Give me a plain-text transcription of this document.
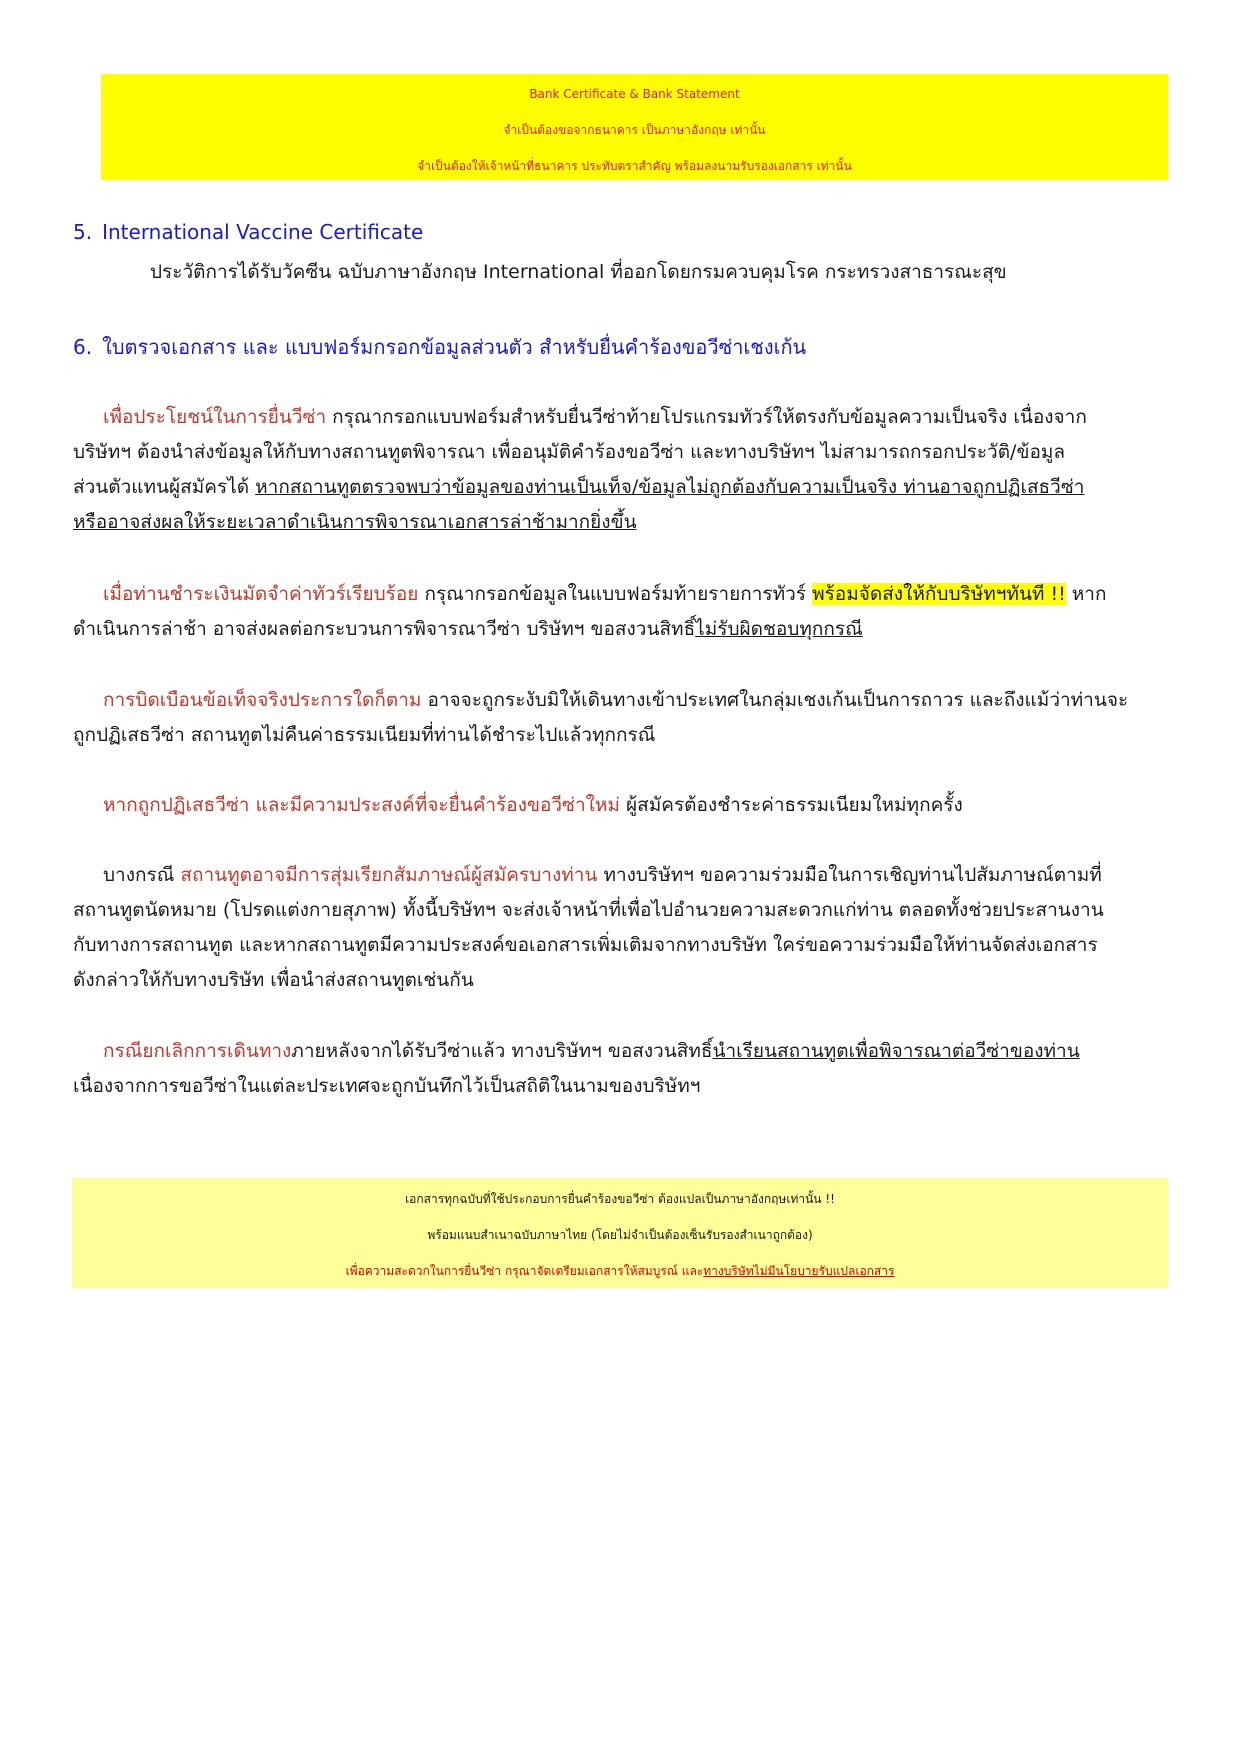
Bank Certificate & Bank Statement
จำเป็นต้องขอจากธนาคาร เป็นภาษาอังกฤษ เท่านั้น
จำเป็นต้องให้เจ้าหน้าที่ธนาคาร ประทับตราสำคัญ พร้อมลงนามรับรองเอกสาร เท่านั้น
5. International Vaccine Certificate
ประวัติการได้รับวัคซีน ฉบับภาษาอังกฤษ International ที่ออกโดยกรมควบคุมโรค กระทรวงสาธารณะสุข
6. ใบตรวจเอกสาร และ แบบฟอร์มกรอกข้อมูลส่วนตัว สำหรับยื่นคำร้องขอวีซ่าเชงเก้น
เพื่อประโยชน์ในการยื่นวีซ่า กรุณากรอกแบบฟอร์มสำหรับยื่นวีซ่าท้ายโปรแกรมทัวร์ให้ตรงกับข้อมูลความเป็นจริง เนื่องจาก
บริษัทฯ ต้องนำส่งข้อมูลให้กับทางสถานทูตพิจารณา เพื่ออนุมัติคำร้องขอวีซ่า และทางบริษัทฯ ไม่สามารถกรอกประวัติ/ข้อมูล
ส่วนตัวแทนผู้สมัครได้ หากสถานทูตตรวจพบว่าข้อมูลของท่านเป็นเท็จ/ข้อมูลไม่ถูกต้องกับความเป็นจริง ท่านอาจถูกปฏิเสธวีซ่า
หรืออาจส่งผลให้ระยะเวลาดำเนินการพิจารณาเอกสารล่าช้ามากยิ่งขึ้น
เมื่อท่านชำระเงินมัดจำค่าทัวร์เรียบร้อย กรุณากรอกข้อมูลในแบบฟอร์มท้ายรายการทัวร์ พร้อมจัดส่งให้กับบริษัทฯทันที !! หาก
ดำเนินการล่าช้า อาจส่งผลต่อกระบวนการพิจารณาวีซ่า บริษัทฯ ขอสงวนสิทธิ์ไม่รับผิดชอบทุกกรณี
การบิดเบือนข้อเท็จจริงประการใดก็ตาม อาจจะถูกระงับมิให้เดินทางเข้าประเทศในกลุ่มเชงเก้นเป็นการถาวร และถึงแม้ว่าท่านจะ
ถูกปฏิเสธวีซ่า สถานทูตไม่คืนค่าธรรมเนียมที่ท่านได้ชำระไปแล้วทุกกรณี
หากถูกปฏิเสธวีซ่า และมีความประสงค์ที่จะยื่นคำร้องขอวีซ่าใหม่ ผู้สมัครต้องชำระค่าธรรมเนียมใหม่ทุกครั้ง
บางกรณี สถานทูตอาจมีการสุ่มเรียกสัมภาษณ์ผู้สมัครบางท่าน ทางบริษัทฯ ขอความร่วมมือในการเชิญท่านไปสัมภาษณ์ตามที่
สถานทูตนัดหมาย (โปรดแต่งกายสุภาพ) ทั้งนี้บริษัทฯ จะส่งเจ้าหน้าที่เพื่อไปอำนวยความสะดวกแก่ท่าน ตลอดทั้งช่วยประสานงาน
กับทางการสถานทูต และหากสถานทูตมีความประสงค์ขอเอกสารเพิ่มเติมจากทางบริษัท ใคร่ขอความร่วมมือให้ท่านจัดส่งเอกสาร
ดังกล่าวให้กับทางบริษัท เพื่อนำส่งสถานทูตเช่นกัน
กรณียกเลิกการเดินทางภายหลังจากได้รับวีซ่าแล้ว ทางบริษัทฯ ขอสงวนสิทธิ์นำเรียนสถานทูตเพื่อพิจารณาต่อวีซ่าของท่าน
เนื่องจากการขอวีซ่าในแต่ละประเทศจะถูกบันทึกไว้เป็นสถิติในนามของบริษัทฯ
เอกสารทุกฉบับที่ใช้ประกอบการยื่นคำร้องขอวีซ่า ต้องแปลเป็นภาษาอังกฤษเท่านั้น !!
พร้อมแนบสำเนาฉบับภาษาไทย (โดยไม่จำเป็นต้องเซ็นรับรองสำเนาถูกต้อง)
เพื่อความสะดวกในการยื่นวีซ่า กรุณาจัดเตรียมเอกสารให้สมบูรณ์ และทางบริษัทไม่มีนโยบายรับแปลเอกสาร
